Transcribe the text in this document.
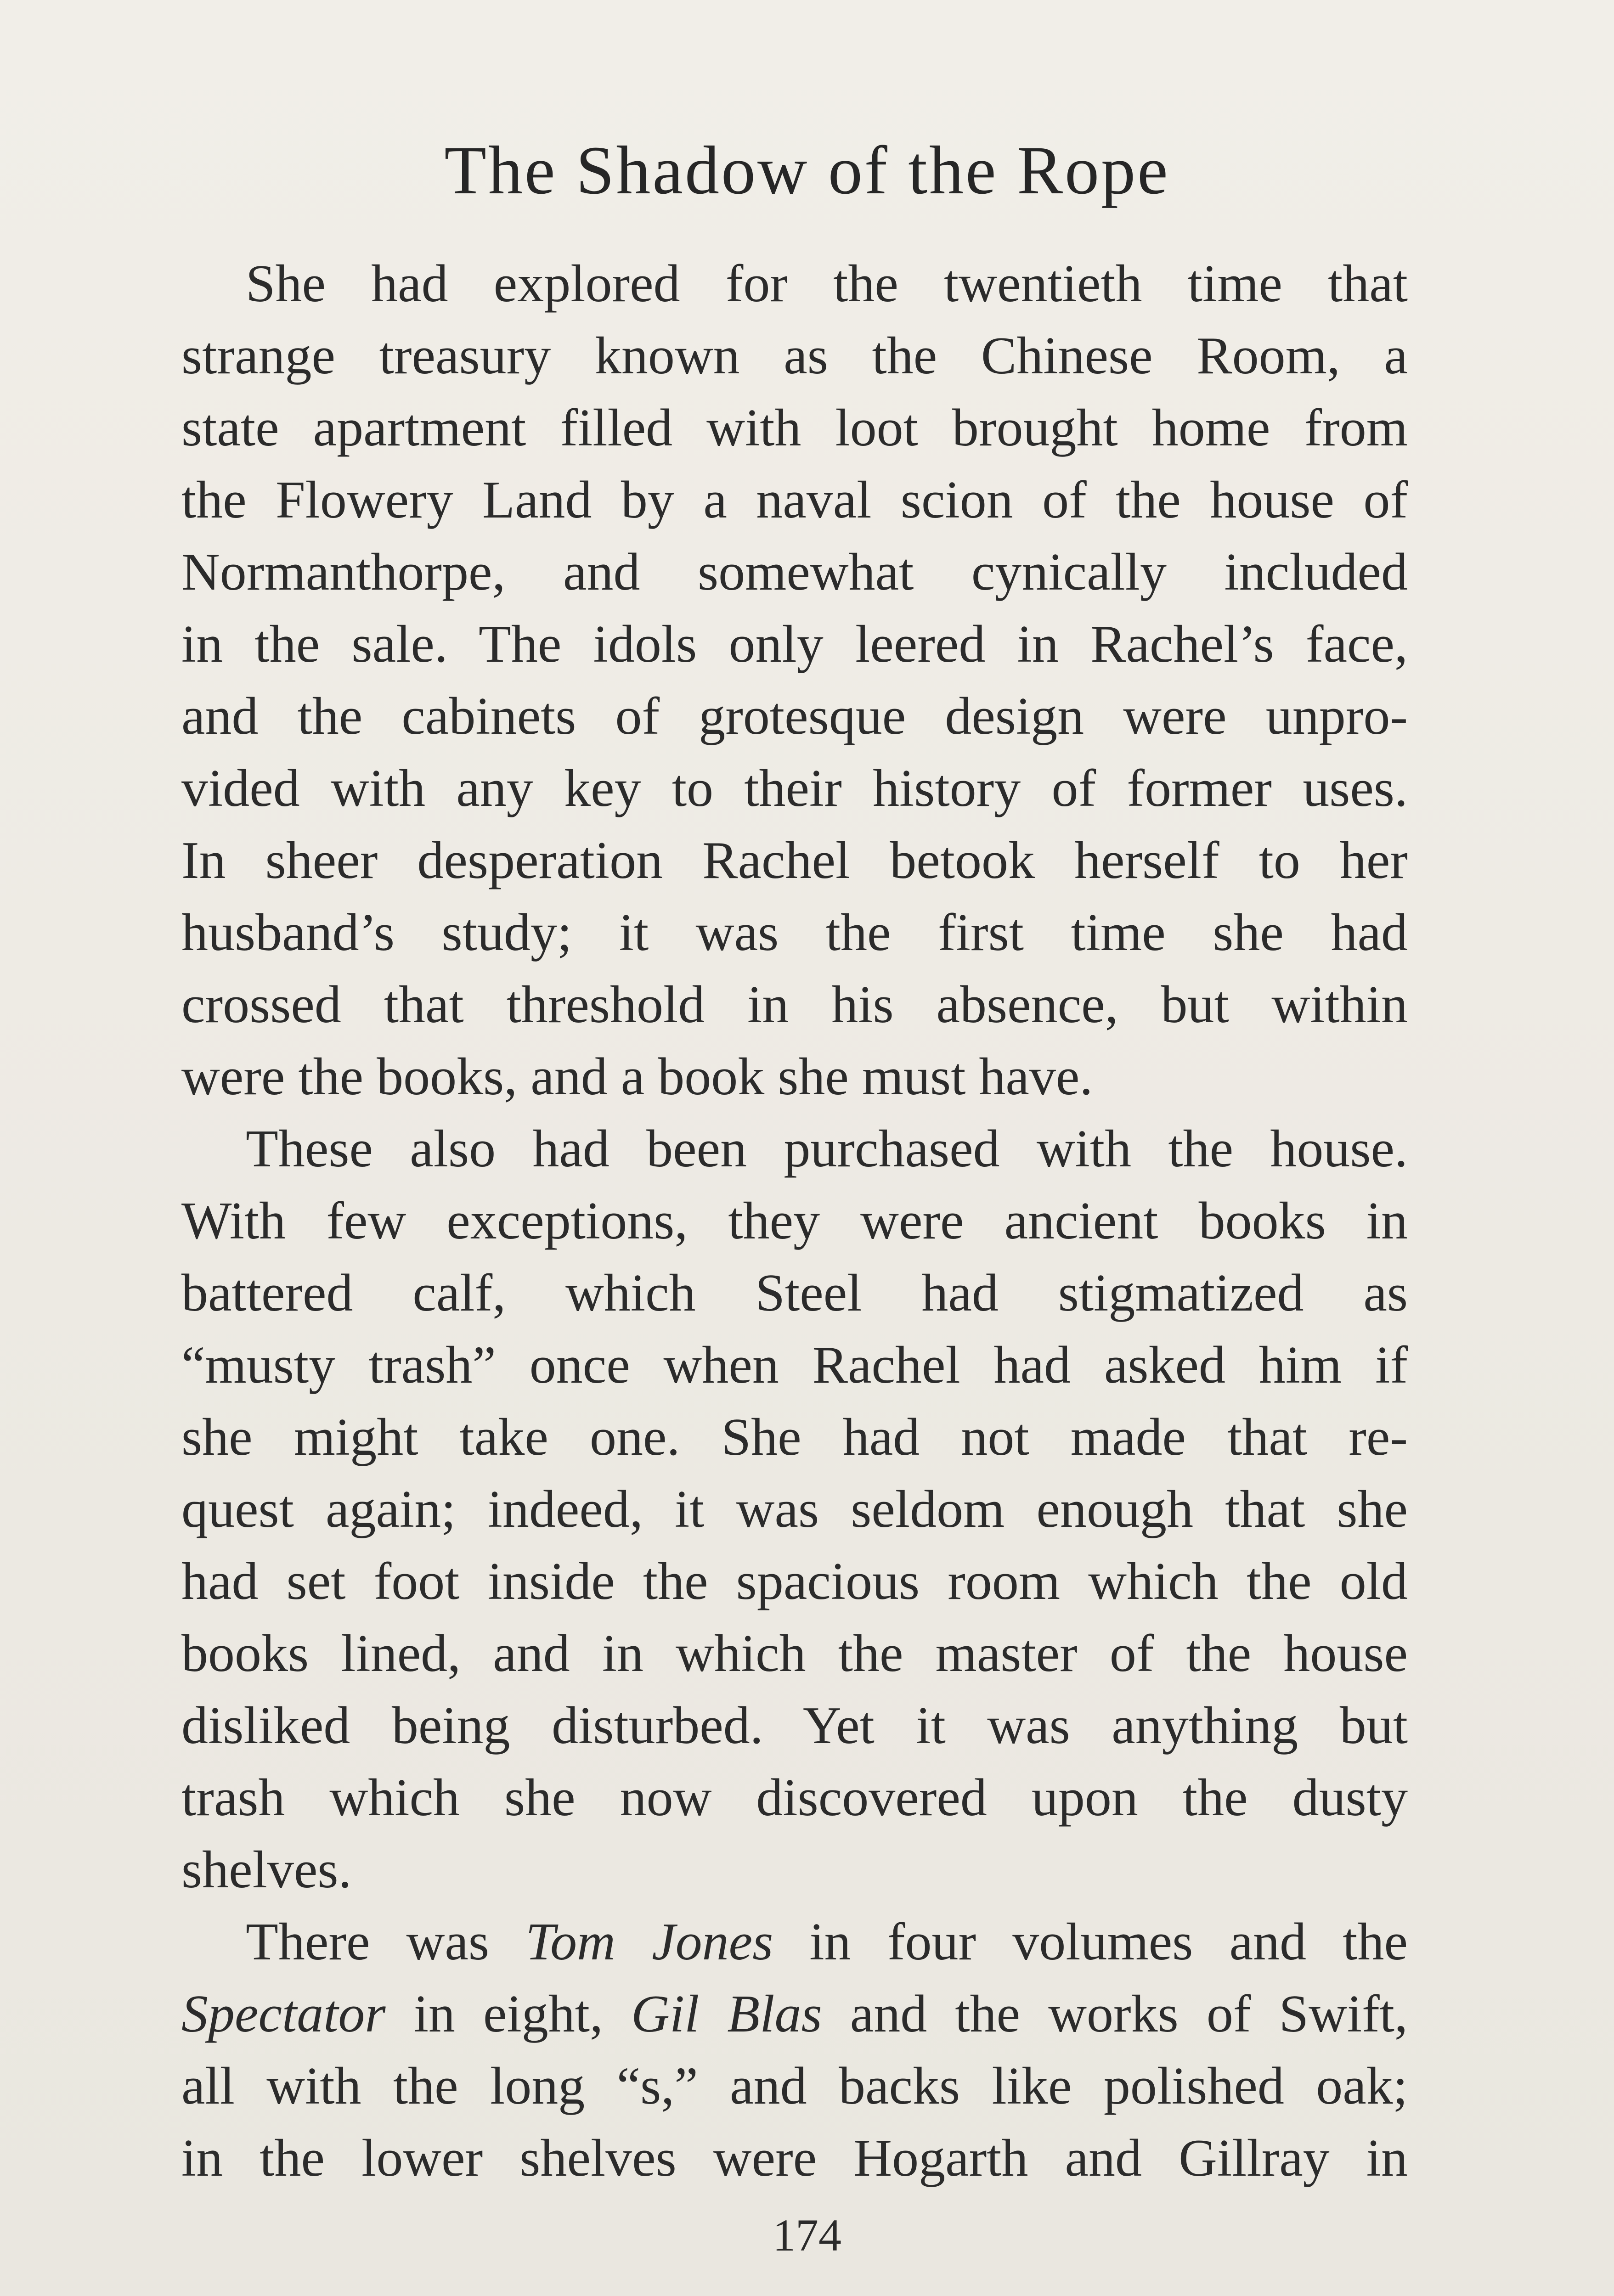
The Shadow of the Rope
She had explored for the twentieth time that
strange treasury known as the Chinese Room, a
state apartment filled with loot brought home from
the Flowery Land by a naval scion of the house of
Normanthorpe, and somewhat cynically included
in the sale. The idols only leered in Rachel’s face,
and the cabinets of grotesque design were unpro-
vided with any key to their history of former uses.
In sheer desperation Rachel betook herself to her
husband’s study; it was the first time she had
crossed that threshold in his absence, but within
were the books, and a book she must have.
These also had been purchased with the house.
With few exceptions, they were ancient books in
battered calf, which Steel had stigmatized as
“musty trash” once when Rachel had asked him if
she might take one. She had not made that re-
quest again; indeed, it was seldom enough that she
had set foot inside the spacious room which the old
books lined, and in which the master of the house
disliked being disturbed. Yet it was anything but
trash which she now discovered upon the dusty
shelves.
There was Tom Jones in four volumes and the
Spectator in eight, Gil Blas and the works of Swift,
all with the long “s,” and backs like polished oak;
in the lower shelves were Hogarth and Gillray in
174
